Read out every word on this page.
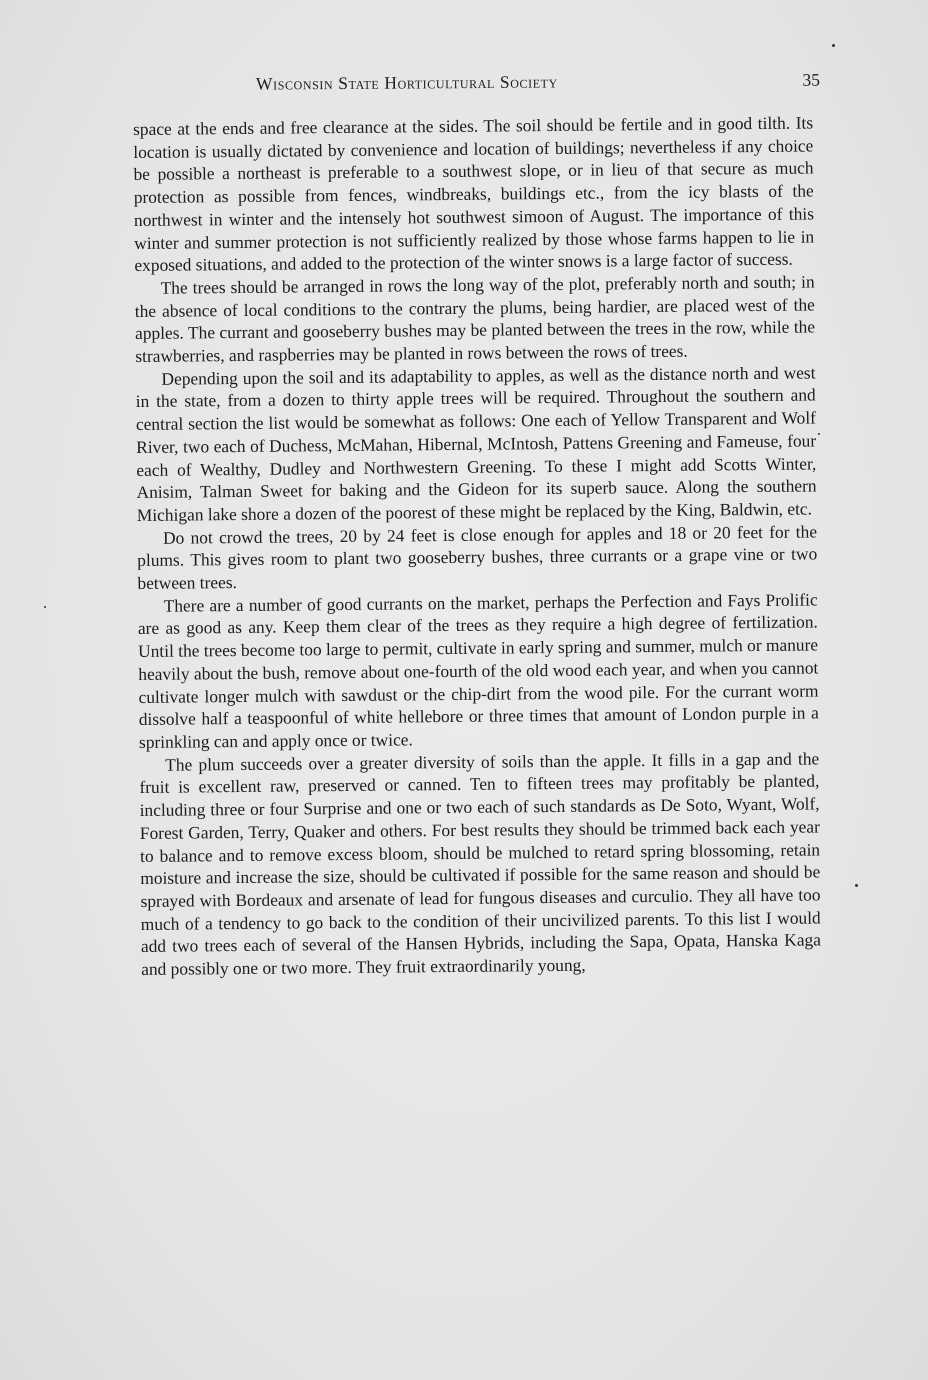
Wisconsin State Horticultural Society	35

space at the ends and free clearance at the sides. The soil should be fertile and in good tilth. Its location is usually dictated by convenience and location of buildings; nevertheless if any choice be possible a northeast is preferable to a southwest slope, or in lieu of that secure as much protection as possible from fences, windbreaks, buildings etc., from the icy blasts of the northwest in winter and the intensely hot southwest simoon of August. The importance of this winter and summer protection is not sufficiently realized by those whose farms happen to lie in exposed situations, and added to the protection of the winter snows is a large factor of success.

The trees should be arranged in rows the long way of the plot, preferably north and south; in the absence of local conditions to the contrary the plums, being hardier, are placed west of the apples. The currant and gooseberry bushes may be planted between the trees in the row, while the strawberries, and raspberries may be planted in rows between the rows of trees.

Depending upon the soil and its adaptability to apples, as well as the distance north and west in the state, from a dozen to thirty apple trees will be required. Throughout the southern and central section the list would be somewhat as follows: One each of Yellow Transparent and Wolf River, two each of Duchess, McMahan, Hibernal, McIntosh, Pattens Greening and Fameuse, four each of Wealthy, Dudley and Northwestern Greening. To these I might add Scotts Winter, Anisim, Talman Sweet for baking and the Gideon for its superb sauce. Along the southern Michigan lake shore a dozen of the poorest of these might be replaced by the King, Baldwin, etc.

Do not crowd the trees, 20 by 24 feet is close enough for apples and 18 or 20 feet for the plums. This gives room to plant two gooseberry bushes, three currants or a grape vine or two between trees.

There are a number of good currants on the market, perhaps the Perfection and Fays Prolific are as good as any. Keep them clear of the trees as they require a high degree of fertilization. Until the trees become too large to permit, cultivate in early spring and summer, mulch or manure heavily about the bush, remove about one-fourth of the old wood each year, and when you cannot cultivate longer mulch with sawdust or the chip-dirt from the wood pile. For the currant worm dissolve half a teaspoonful of white hellebore or three times that amount of London purple in a sprinkling can and apply once or twice.

The plum succeeds over a greater diversity of soils than the apple. It fills in a gap and the fruit is excellent raw, preserved or canned. Ten to fifteen trees may profitably be planted, including three or four Surprise and one or two each of such standards as De Soto, Wyant, Wolf, Forest Garden, Terry, Quaker and others. For best results they should be trimmed back each year to balance and to remove excess bloom, should be mulched to retard spring blossoming, retain moisture and increase the size, should be cultivated if possible for the same reason and should be sprayed with Bordeaux and arsenate of lead for fungous diseases and curculio. They all have too much of a tendency to go back to the condition of their uncivilized parents. To this list I would add two trees each of several of the Hansen Hybrids, including the Sapa, Opata, Hanska Kaga and possibly one or two more. They fruit extraordinarily young,
